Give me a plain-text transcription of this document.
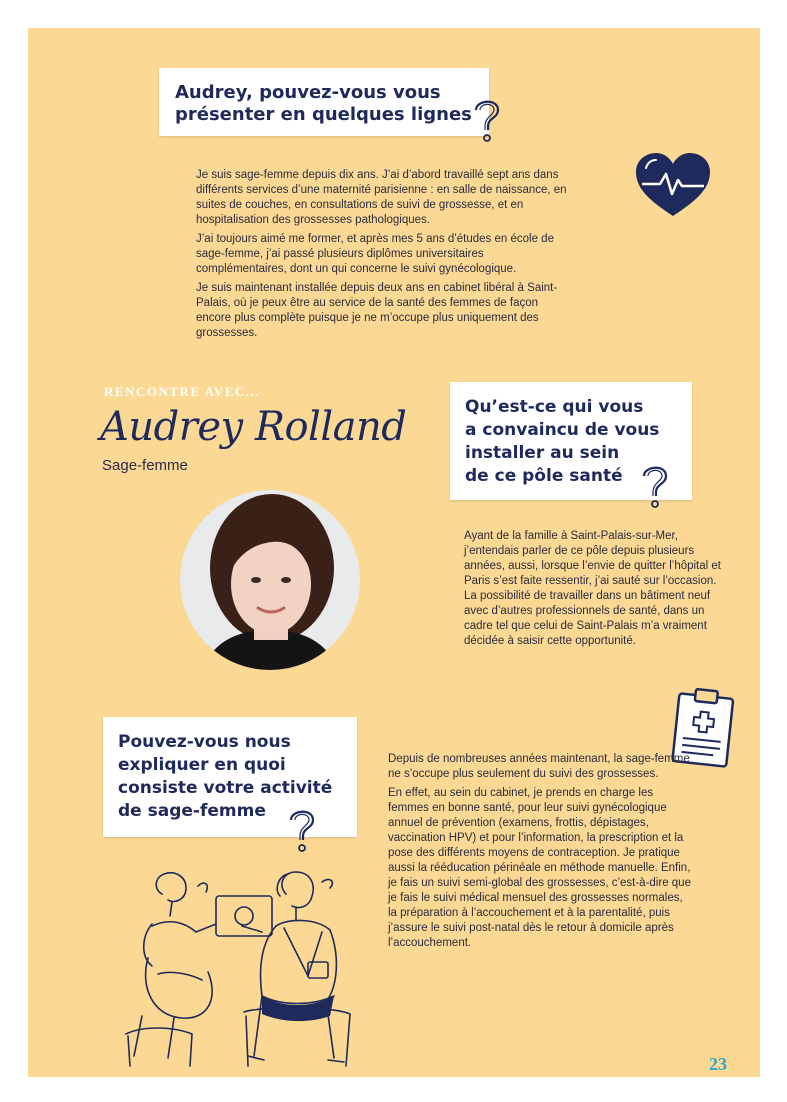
Audrey, pouvez-vous vous
présenter en quelques lignes

Je suis sage-femme depuis dix ans. J’ai d’abord travaillé sept ans dans différents services d’une maternité parisienne : en salle de naissance, en suites de couches, en consultations de suivi de grossesse, et en hospitalisation des grossesses pathologiques.

J’ai toujours aimé me former, et après mes 5 ans d’études en école de sage-femme, j’ai passé plusieurs diplômes universitaires complémentaires, dont un qui concerne le suivi gynécologique.

Je suis maintenant installée depuis deux ans en cabinet libéral à Saint-Palais, où je peux être au service de la santé des femmes de façon encore plus complète puisque je ne m’occupe plus uniquement des grossesses.

RENCONTRE AVEC...
Audrey Rolland
Sage-femme

Qu’est-ce qui vous
a convaincu de vous
installer au sein
de ce pôle santé

Ayant de la famille à Saint-Palais-sur-Mer, j’entendais parler de ce pôle depuis plusieurs années, aussi, lorsque l’envie de quitter l’hôpital et Paris s’est faite ressentir, j’ai sauté sur l’occasion. La possibilité de travailler dans un bâtiment neuf avec d’autres professionnels de santé, dans un cadre tel que celui de Saint-Palais m’a vraiment décidée à saisir cette opportunité.

Pouvez-vous nous
expliquer en quoi
consiste votre activité
de sage-femme

Depuis de nombreuses années maintenant, la sage-femme ne s’occupe plus seulement du suivi des grossesses.

En effet, au sein du cabinet, je prends en charge les femmes en bonne santé, pour leur suivi gynécologique annuel de prévention (examens, frottis, dépistages, vaccination HPV) et pour l’information, la prescription et la pose des différents moyens de contraception. Je pratique aussi la rééducation périnéale en méthode manuelle. Enfin, je fais un suivi semi-global des grossesses, c’est-à-dire que je fais le suivi médical mensuel des grossesses normales, la préparation à l’accouchement et à la parentalité, puis j’assure le suivi post-natal dès le retour à domicile après l’accouchement.

23
